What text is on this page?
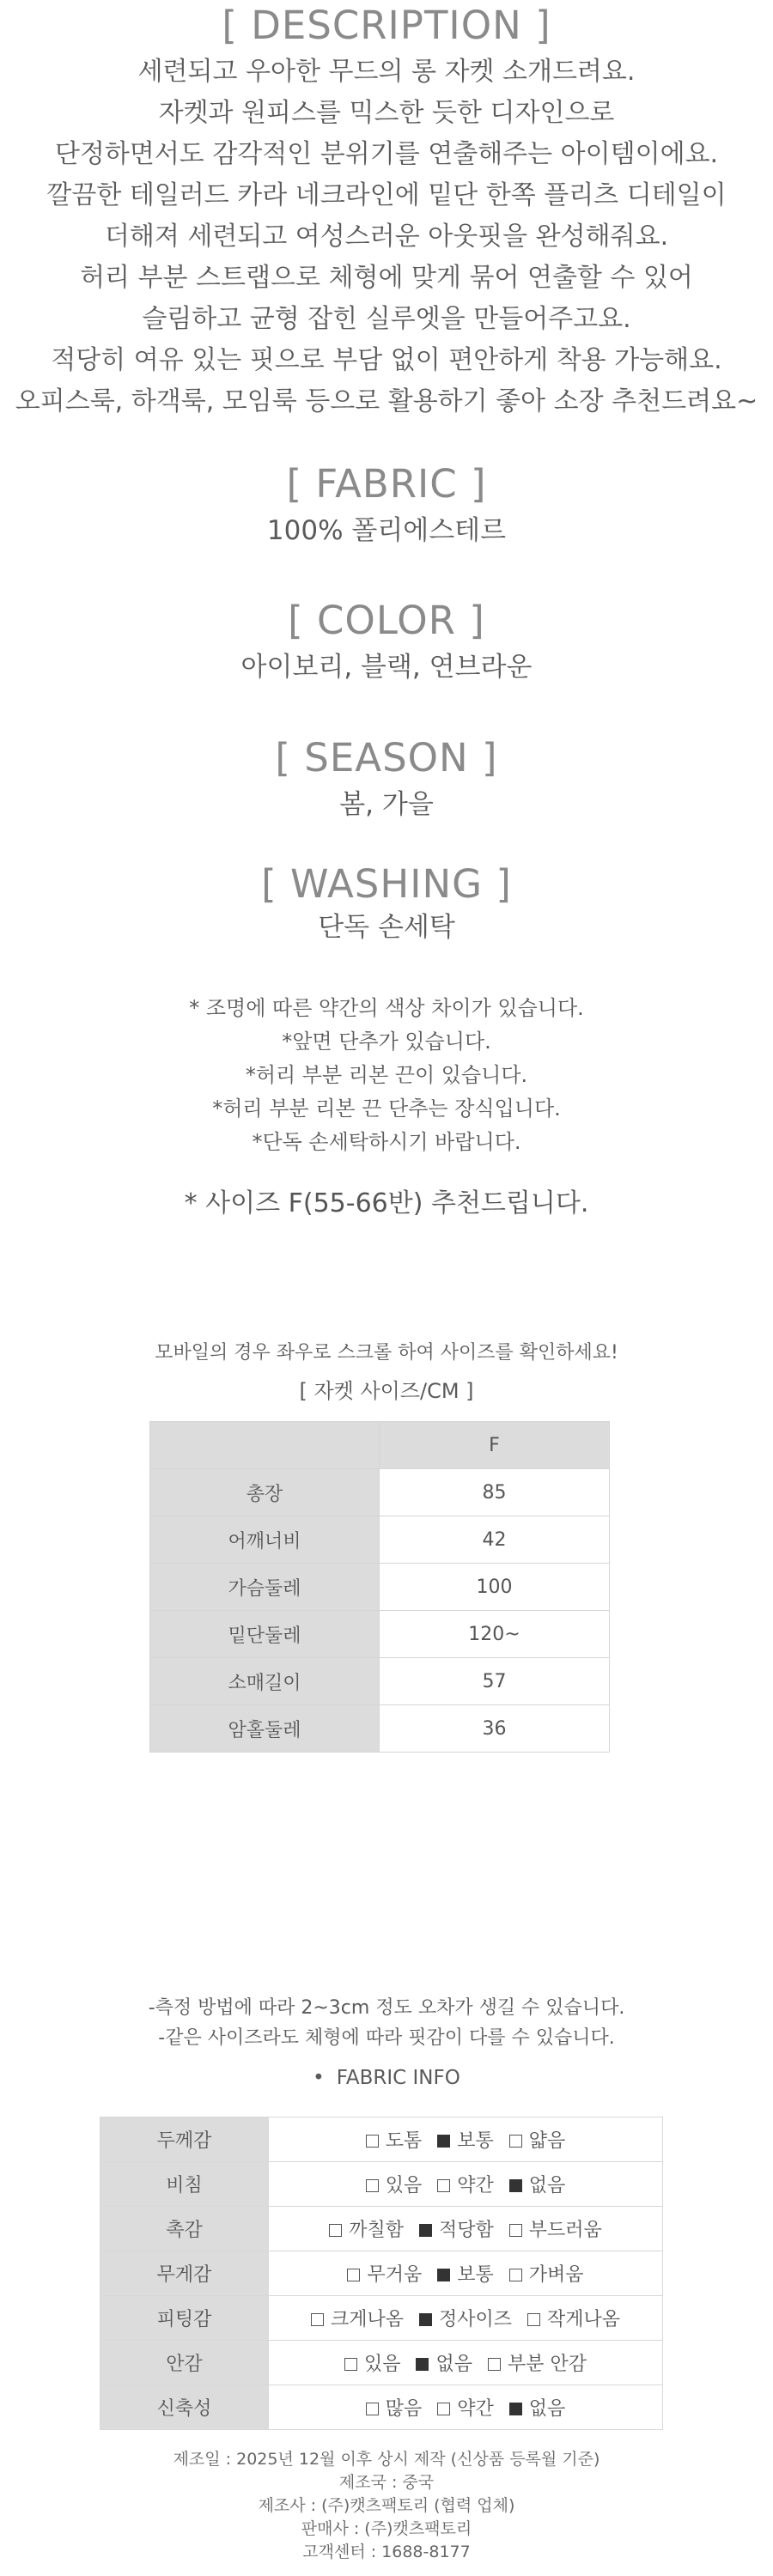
[ DESCRIPTION ]
세련되고 우아한 무드의 롱 자켓 소개드려요.
자켓과 원피스를 믹스한 듯한 디자인으로
단정하면서도 감각적인 분위기를 연출해주는 아이템이에요.
깔끔한 테일러드 카라 네크라인에 밑단 한쪽 플리츠 디테일이
더해져 세련되고 여성스러운 아웃핏을 완성해줘요.
허리 부분 스트랩으로 체형에 맞게 묶어 연출할 수 있어
슬림하고 균형 잡힌 실루엣을 만들어주고요.
적당히 여유 있는 핏으로 부담 없이 편안하게 착용 가능해요.
오피스룩, 하객룩, 모임룩 등으로 활용하기 좋아 소장 추천드려요~
[ FABRIC ]
100% 폴리에스테르
[ COLOR ]
아이보리, 블랙, 연브라운
[ SEASON ]
봄, 가을
[ WASHING ]
단독 손세탁
* 조명에 따른 약간의 색상 차이가 있습니다.
*앞면 단추가 있습니다.
*허리 부분 리본 끈이 있습니다.
*허리 부분 리본 끈 단추는 장식입니다.
*단독 손세탁하시기 바랍니다.
* 사이즈 F(55-66반) 추천드립니다.
모바일의 경우 좌우로 스크롤 하여 사이즈를 확인하세요!
[ 자켓 사이즈/CM ]
	F
총장	85
어깨너비	42
가슴둘레	100
밑단둘레	120~
소매길이	57
암홀둘레	36
-측정 방법에 따라 2~3cm 정도 오차가 생길 수 있습니다.
-같은 사이즈라도 체형에 따라 핏감이 다를 수 있습니다.
• FABRIC INFO
두께감	도톰 보통 얇음
비침	있음 약간 없음
촉감	까칠함 적당함 부드러움
무게감	무거움 보통 가벼움
피팅감	크게나옴 정사이즈 작게나옴
안감	있음 없음 부분 안감
신축성	많음 약간 없음
제조일 : 2025년 12월 이후 상시 제작 (신상품 등록월 기준)
제조국 : 중국
제조사 : (주)캣츠팩토리 (협력 업체)
판매사 : (주)캣츠팩토리
고객센터 : 1688-8177
